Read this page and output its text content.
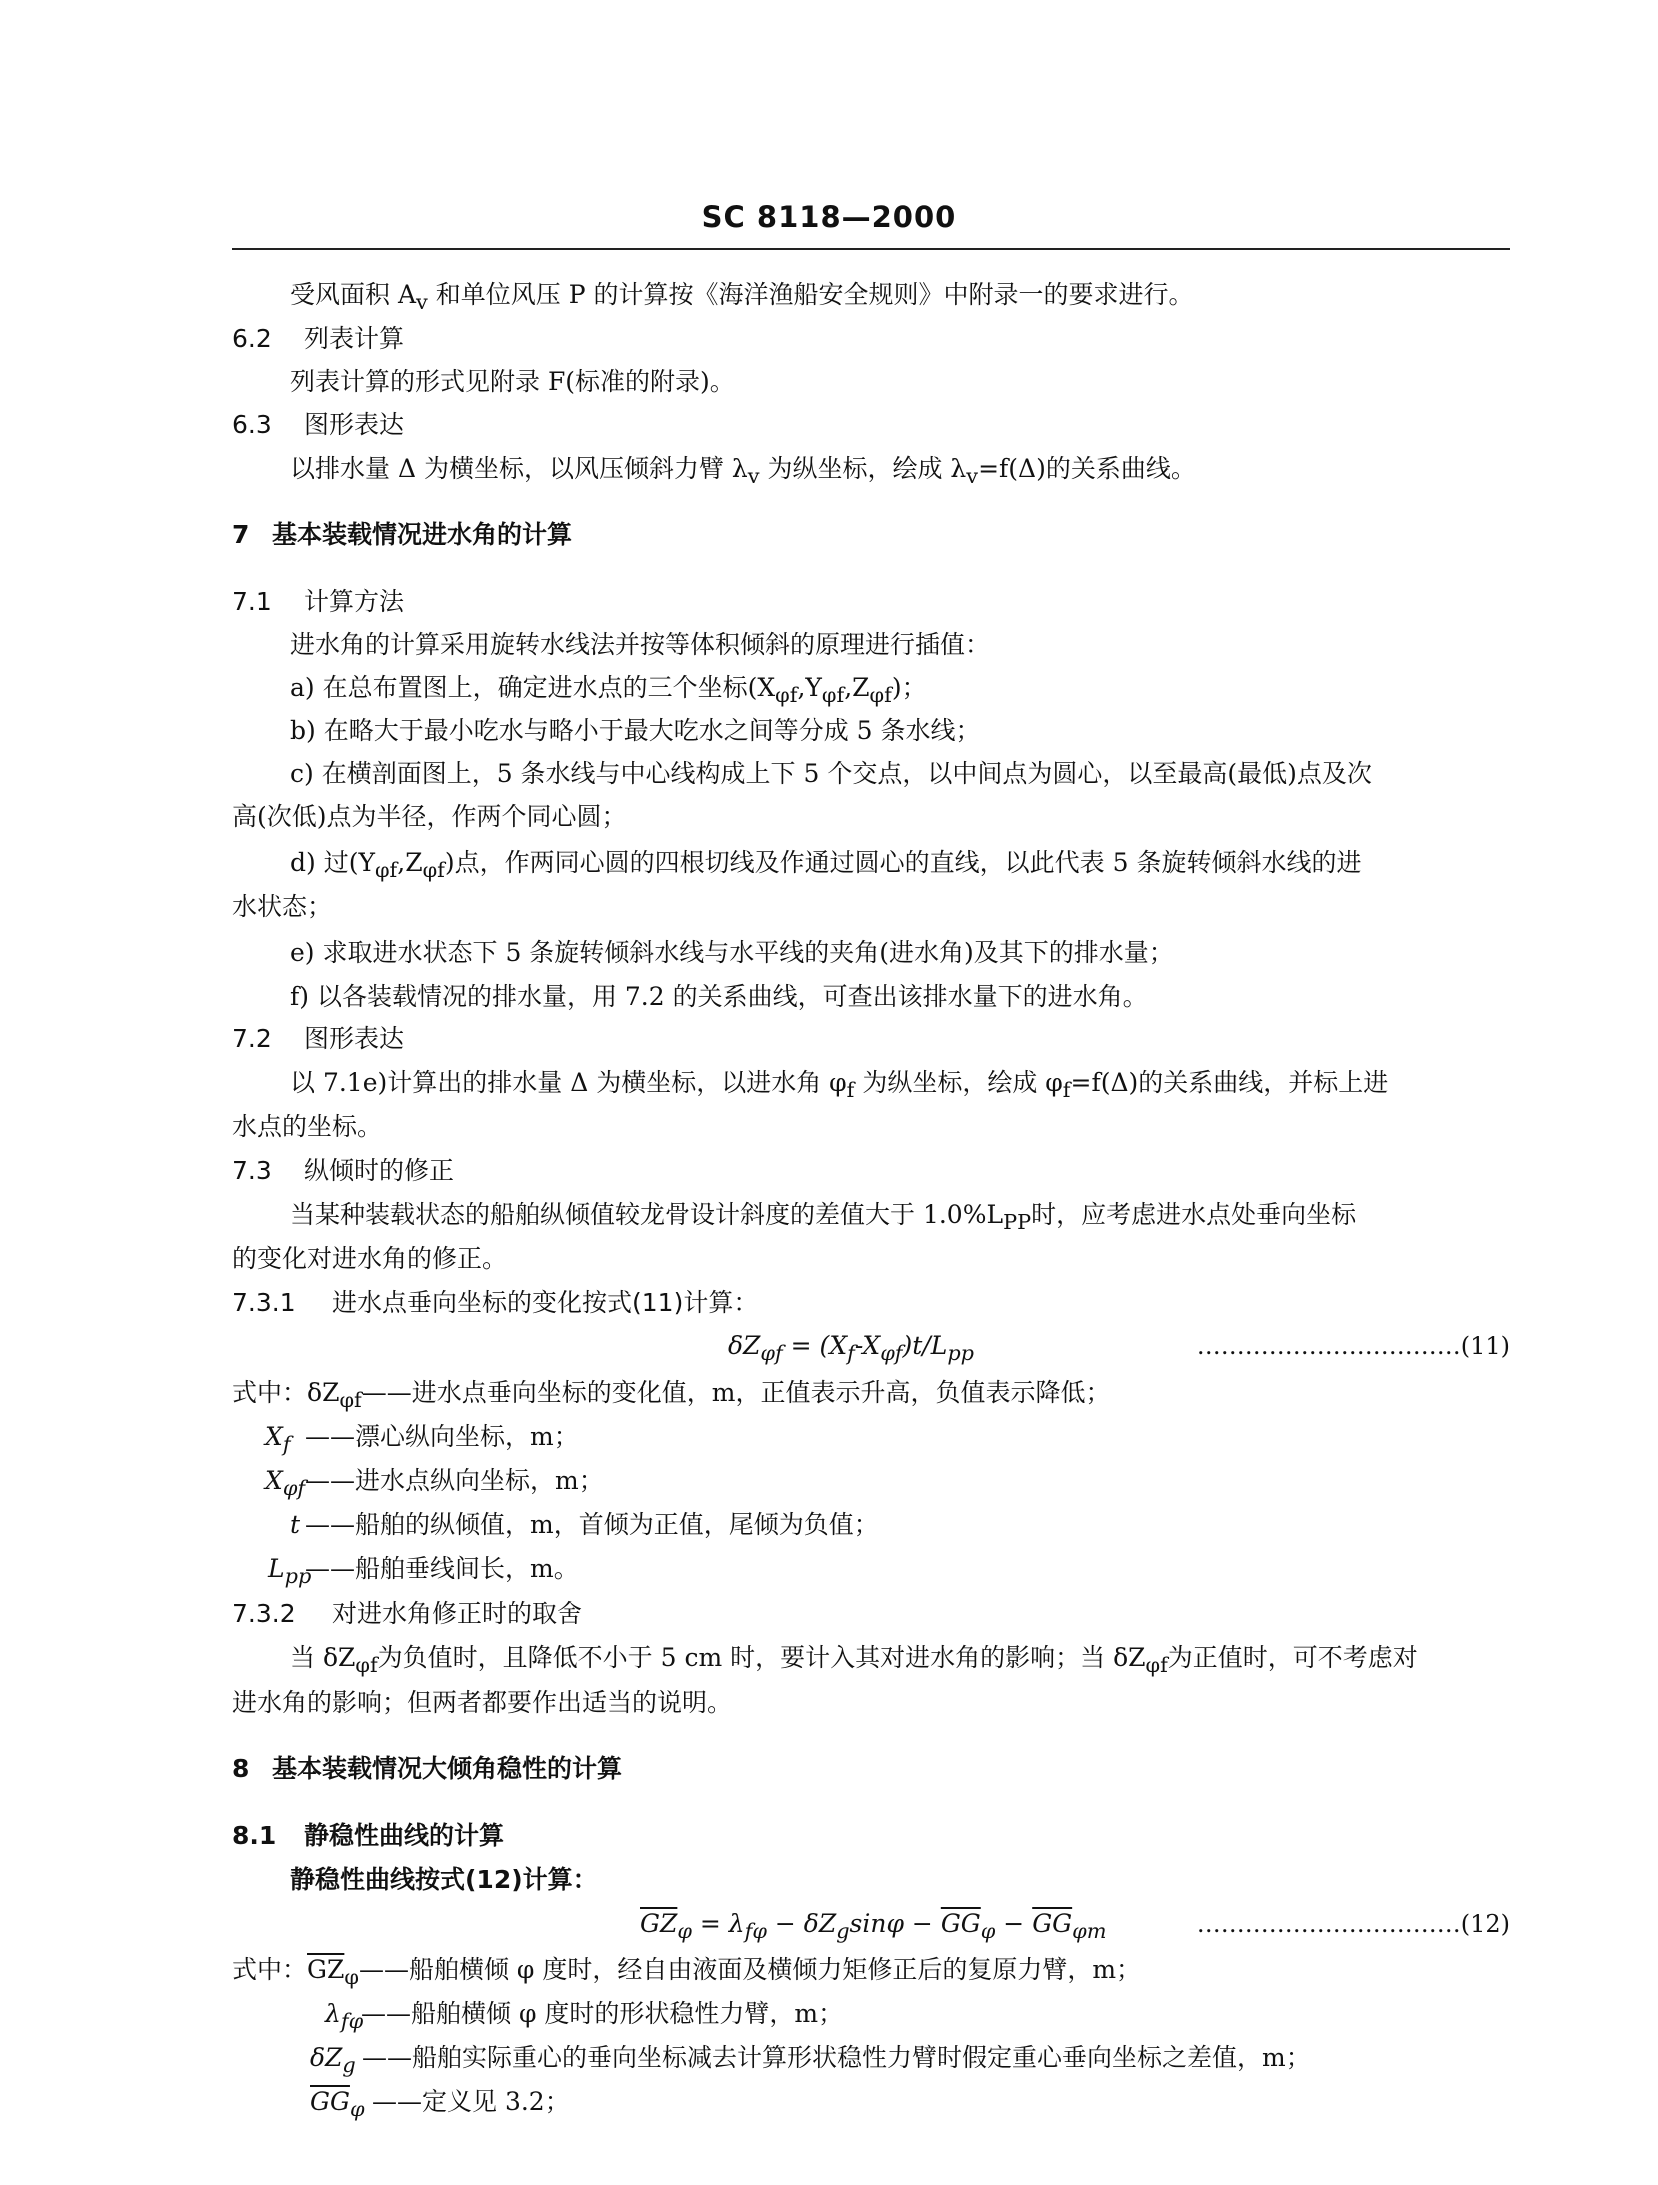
SC 8118—2000
受风面积 $A_v$ 和单位风压 P 的计算按《海洋渔船安全规则》中附录一的要求进行。
6.2 列表计算
列表计算的形式见附录 F(标准的附录)。
6.3 图形表达
以排水量 Δ 为横坐标，以风压倾斜力臂 $\lambda_v$ 为纵坐标，绘成 $\lambda_v=f(\Delta)$的关系曲线。
7 基本装载情况进水角的计算
7.1 计算方法
进水角的计算采用旋转水线法并按等体积倾斜的原理进行插值：
a) 在总布置图上，确定进水点的三个坐标$(X_{\varphi f},Y_{\varphi f},Z_{\varphi f})$；
b) 在略大于最小吃水与略小于最大吃水之间等分成 5 条水线；
c) 在横剖面图上，5 条水线与中心线构成上下 5 个交点，以中间点为圆心，以至最高(最低)点及次
高(次低)点为半径，作两个同心圆；
d) 过$(Y_{\varphi f},Z_{\varphi f})$点，作两同心圆的四根切线及作通过圆心的直线，以此代表 5 条旋转倾斜水线的进
水状态；
e) 求取进水状态下 5 条旋转倾斜水线与水平线的夹角(进水角)及其下的排水量；
f) 以各装载情况的排水量，用 7.2 的关系曲线，可查出该排水量下的进水角。
7.2 图形表达
以 7.1e)计算出的排水量 Δ 为横坐标，以进水角 $\varphi_f$ 为纵坐标，绘成 $\varphi_f=f(\Delta)$的关系曲线，并标上进
水点的坐标。
7.3 纵倾时的修正
当某种装载状态的船舶纵倾值较龙骨设计斜度的差值大于 $1.0\%L_{PP}$时，应考虑进水点处垂向坐标
的变化对进水角的修正。
7.3.1 进水点垂向坐标的变化按式(11)计算：
$\delta Z_{\varphi f} = (X_f-X_{\varphi f})t/L_{pp}$	……………………………(11)
式中：$\delta Z_{\varphi f}——$进水点垂向坐标的变化值，m，正值表示升高，负值表示降低；
$X_f$ ——漂心纵向坐标，m；
$X_{\varphi f}——$进水点纵向坐标，m；
t ——船舶的纵倾值，m，首倾为正值，尾倾为负值；
$L_{pp}——$船舶垂线间长，m。
7.3.2 对进水角修正时的取舍
当 $\delta Z_{\varphi f}$为负值时，且降低不小于 5 cm 时，要计入其对进水角的影响；当 $\delta Z_{\varphi f}$为正值时，可不考虑对
进水角的影响；但两者都要作出适当的说明。
8 基本装载情况大倾角稳性的计算
8.1 静稳性曲线的计算
静稳性曲线按式(12)计算：
$\overline{GZ}_\varphi = \lambda_{f\varphi} - \delta Z_g\sin\varphi - \overline{GG}_\varphi - \overline{GG}_{\varphi m}$	……………………………(12)
式中：$\overline{GZ}_\varphi——$船舶横倾 φ 度时，经自由液面及横倾力矩修正后的复原力臂，m；
$\lambda_{f\varphi}——$船舶横倾 φ 度时的形状稳性力臂，m；
$\delta Z_g$ ——船舶实际重心的垂向坐标减去计算形状稳性力臂时假定重心垂向坐标之差值，m；
$\overline{GG}_\varphi$ ——定义见 3.2；
